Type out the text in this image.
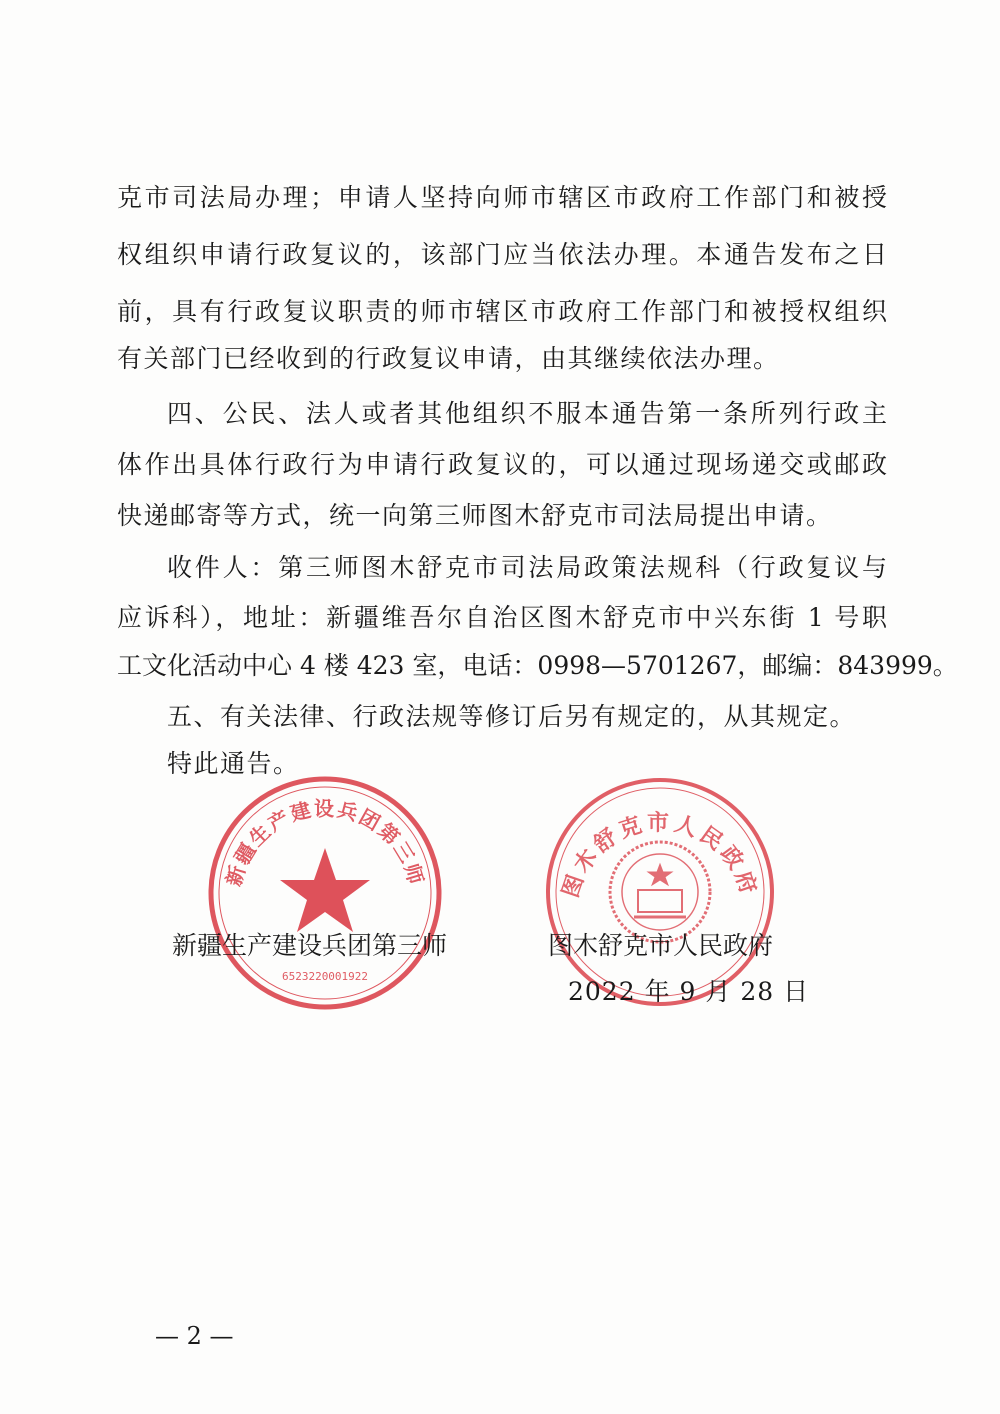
克市司法局办理；申请人坚持向师市辖区市政府工作部门和被授
权组织申请行政复议的，该部门应当依法办理。本通告发布之日
前，具有行政复议职责的师市辖区市政府工作部门和被授权组织
有关部门已经收到的行政复议申请，由其继续依法办理。
四、公民、法人或者其他组织不服本通告第一条所列行政主
体作出具体行政行为申请行政复议的，可以通过现场递交或邮政
快递邮寄等方式，统一向第三师图木舒克市司法局提出申请。
收件人：第三师图木舒克市司法局政策法规科（行政复议与
应诉科），地址：新疆维吾尔自治区图木舒克市中兴东街 1 号职
工文化活动中心 4 楼 423 室，电话：0998—5701267，邮编：843999。
五、有关法律、行政法规等修订后另有规定的，从其规定。
特此通告。
新疆生产建设兵团第三师
6523220001922
图木舒克市人民政府
新疆生产建设兵团第三师	图木舒克市人民政府
2022 年 9 月 28 日
— 2 —
